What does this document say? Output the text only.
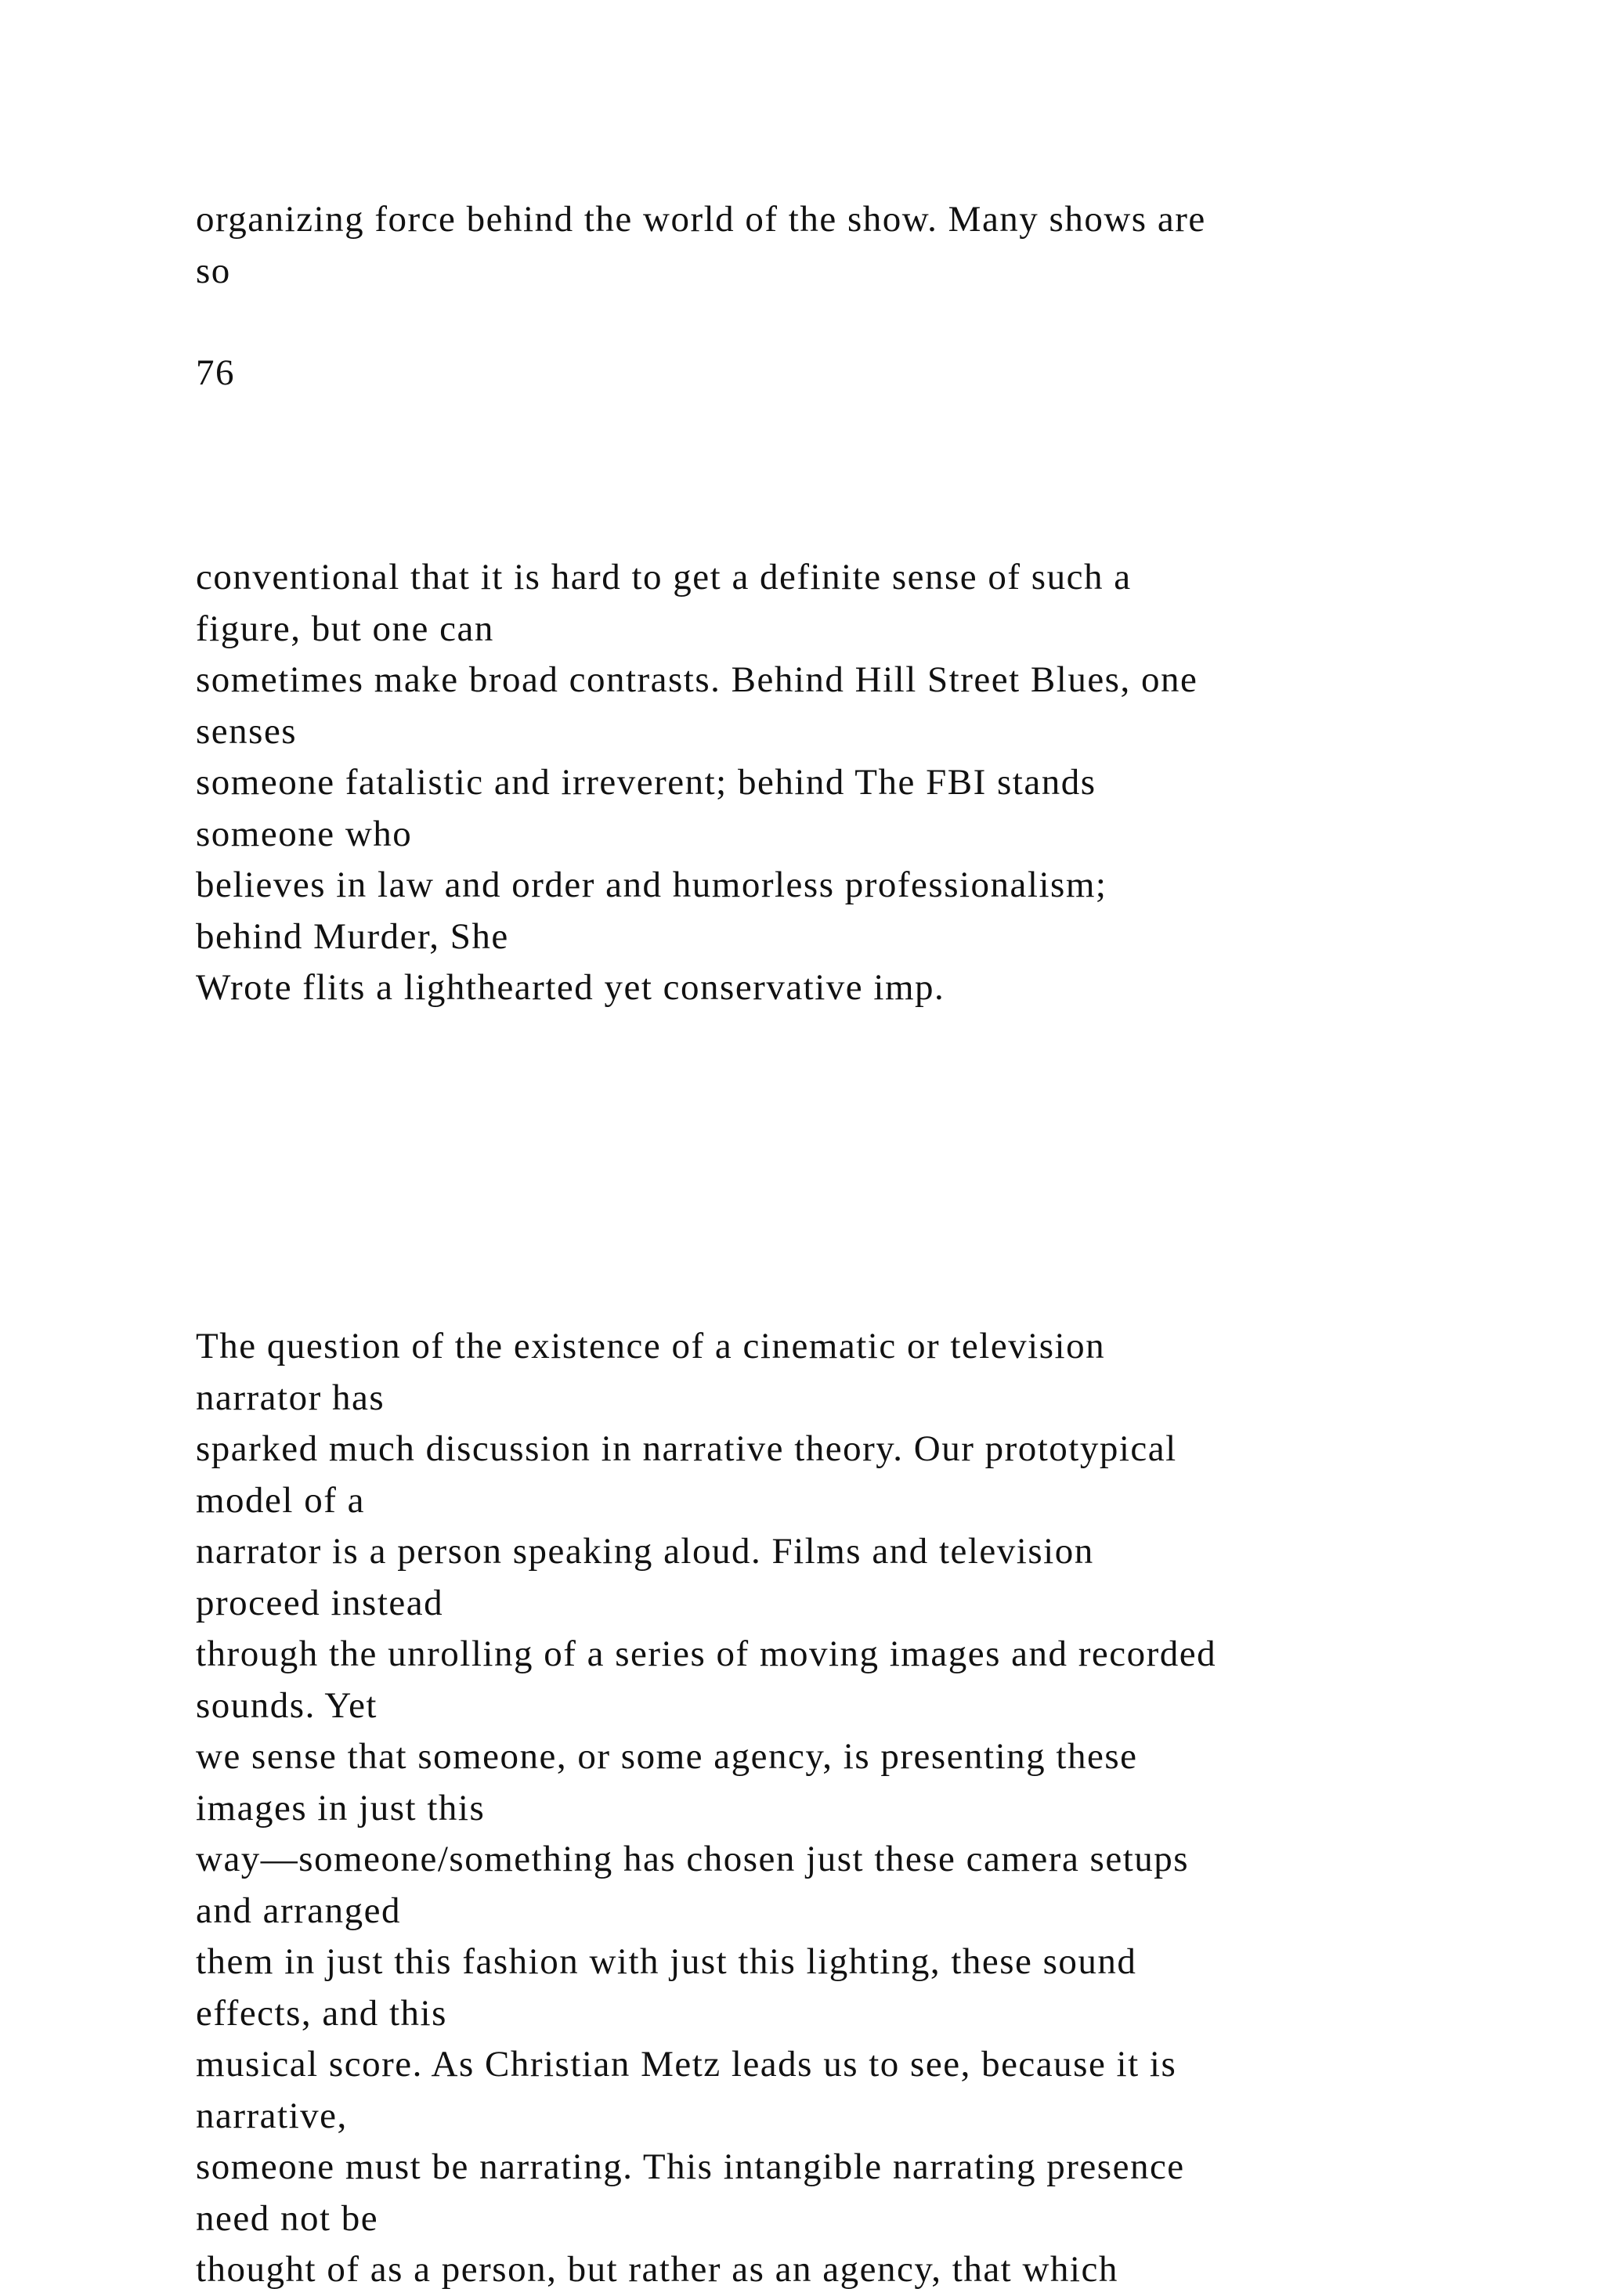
organizing force behind the world of the show. Many shows are
so

76

conventional that it is hard to get a definite sense of such a
figure, but one can
sometimes make broad contrasts. Behind Hill Street Blues, one
senses
someone fatalistic and irreverent; behind The FBI stands
someone who
believes in law and order and humorless professionalism;
behind Murder, She
Wrote flits a lighthearted yet conservative imp.

The question of the existence of a cinematic or television
narrator has
sparked much discussion in narrative theory. Our prototypical
model of a
narrator is a person speaking aloud. Films and television
proceed instead
through the unrolling of a series of moving images and recorded
sounds. Yet
we sense that someone, or some agency, is presenting these
images in just this
way—someone/something has chosen just these camera setups
and arranged
them in just this fashion with just this lighting, these sound
effects, and this
musical score. As Christian Metz leads us to see, because it is
narrative,
someone must be narrating. This intangible narrating presence
need not be
thought of as a person, but rather as an agency, that which
